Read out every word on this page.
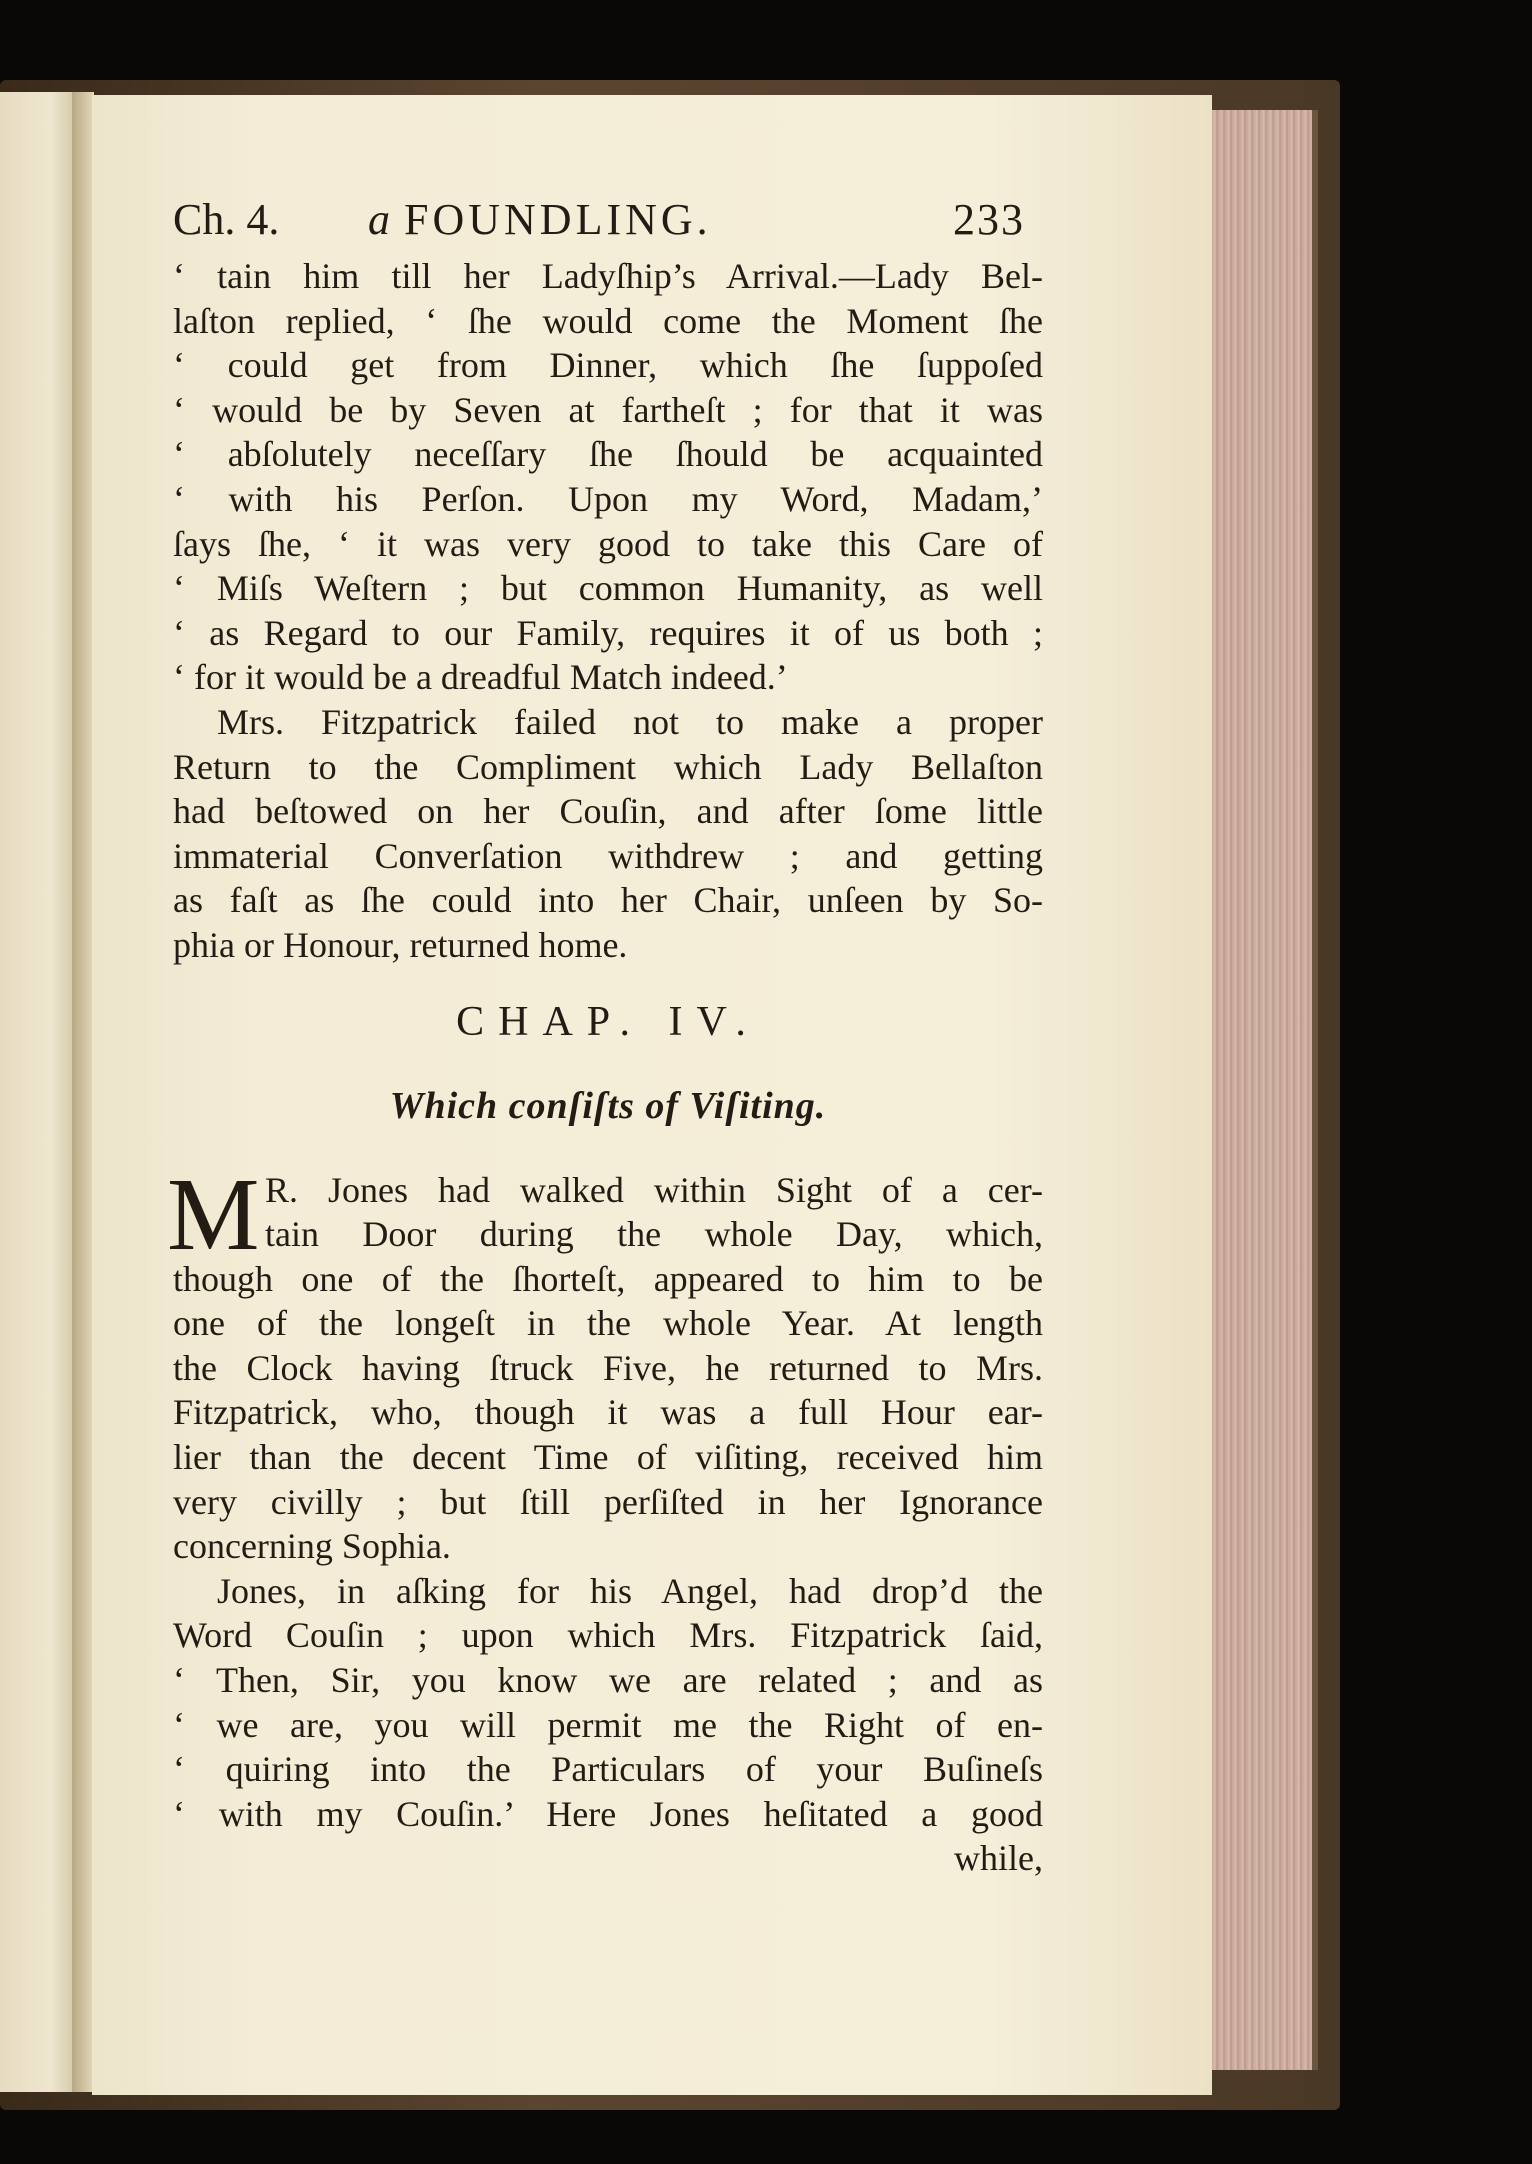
Ch. 4. a FOUNDLING.	233
‘ tain him till her Ladyſhip’s Arrival.—Lady Bel-
laſton replied, ‘ ſhe would come the Moment ſhe
‘ could get from Dinner, which ſhe ſuppoſed
‘ would be by Seven at fartheſt ; for that it was
‘ abſolutely neceſſary ſhe ſhould be acquainted
‘ with his Perſon. Upon my Word, Madam,’
ſays ſhe, ‘ it was very good to take this Care of
‘ Miſs Weſtern ; but common Humanity, as well
‘ as Regard to our Family, requires it of us both ;
‘ for it would be a dreadful Match indeed.’
Mrs. Fitzpatrick failed not to make a proper
Return to the Compliment which Lady Bellaſton
had beſtowed on her Couſin, and after ſome little
immaterial Converſation withdrew ; and getting
as faſt as ſhe could into her Chair, unſeen by So-
phia or Honour, returned home.
CHAP. IV.
Which conſiſts of Viſiting.
M R. Jones had walked within Sight of a cer-
tain Door during the whole Day, which,
though one of the ſhorteſt, appeared to him to be
one of the longeſt in the whole Year. At length
the Clock having ſtruck Five, he returned to Mrs.
Fitzpatrick, who, though it was a full Hour ear-
lier than the decent Time of viſiting, received him
very civilly ; but ſtill perſiſted in her Ignorance
concerning Sophia.
Jones, in aſking for his Angel, had drop’d the
Word Couſin ; upon which Mrs. Fitzpatrick ſaid,
‘ Then, Sir, you know we are related ; and as
‘ we are, you will permit me the Right of en-
‘ quiring into the Particulars of your Buſineſs
‘ with my Couſin.’ Here Jones heſitated a good
while,
